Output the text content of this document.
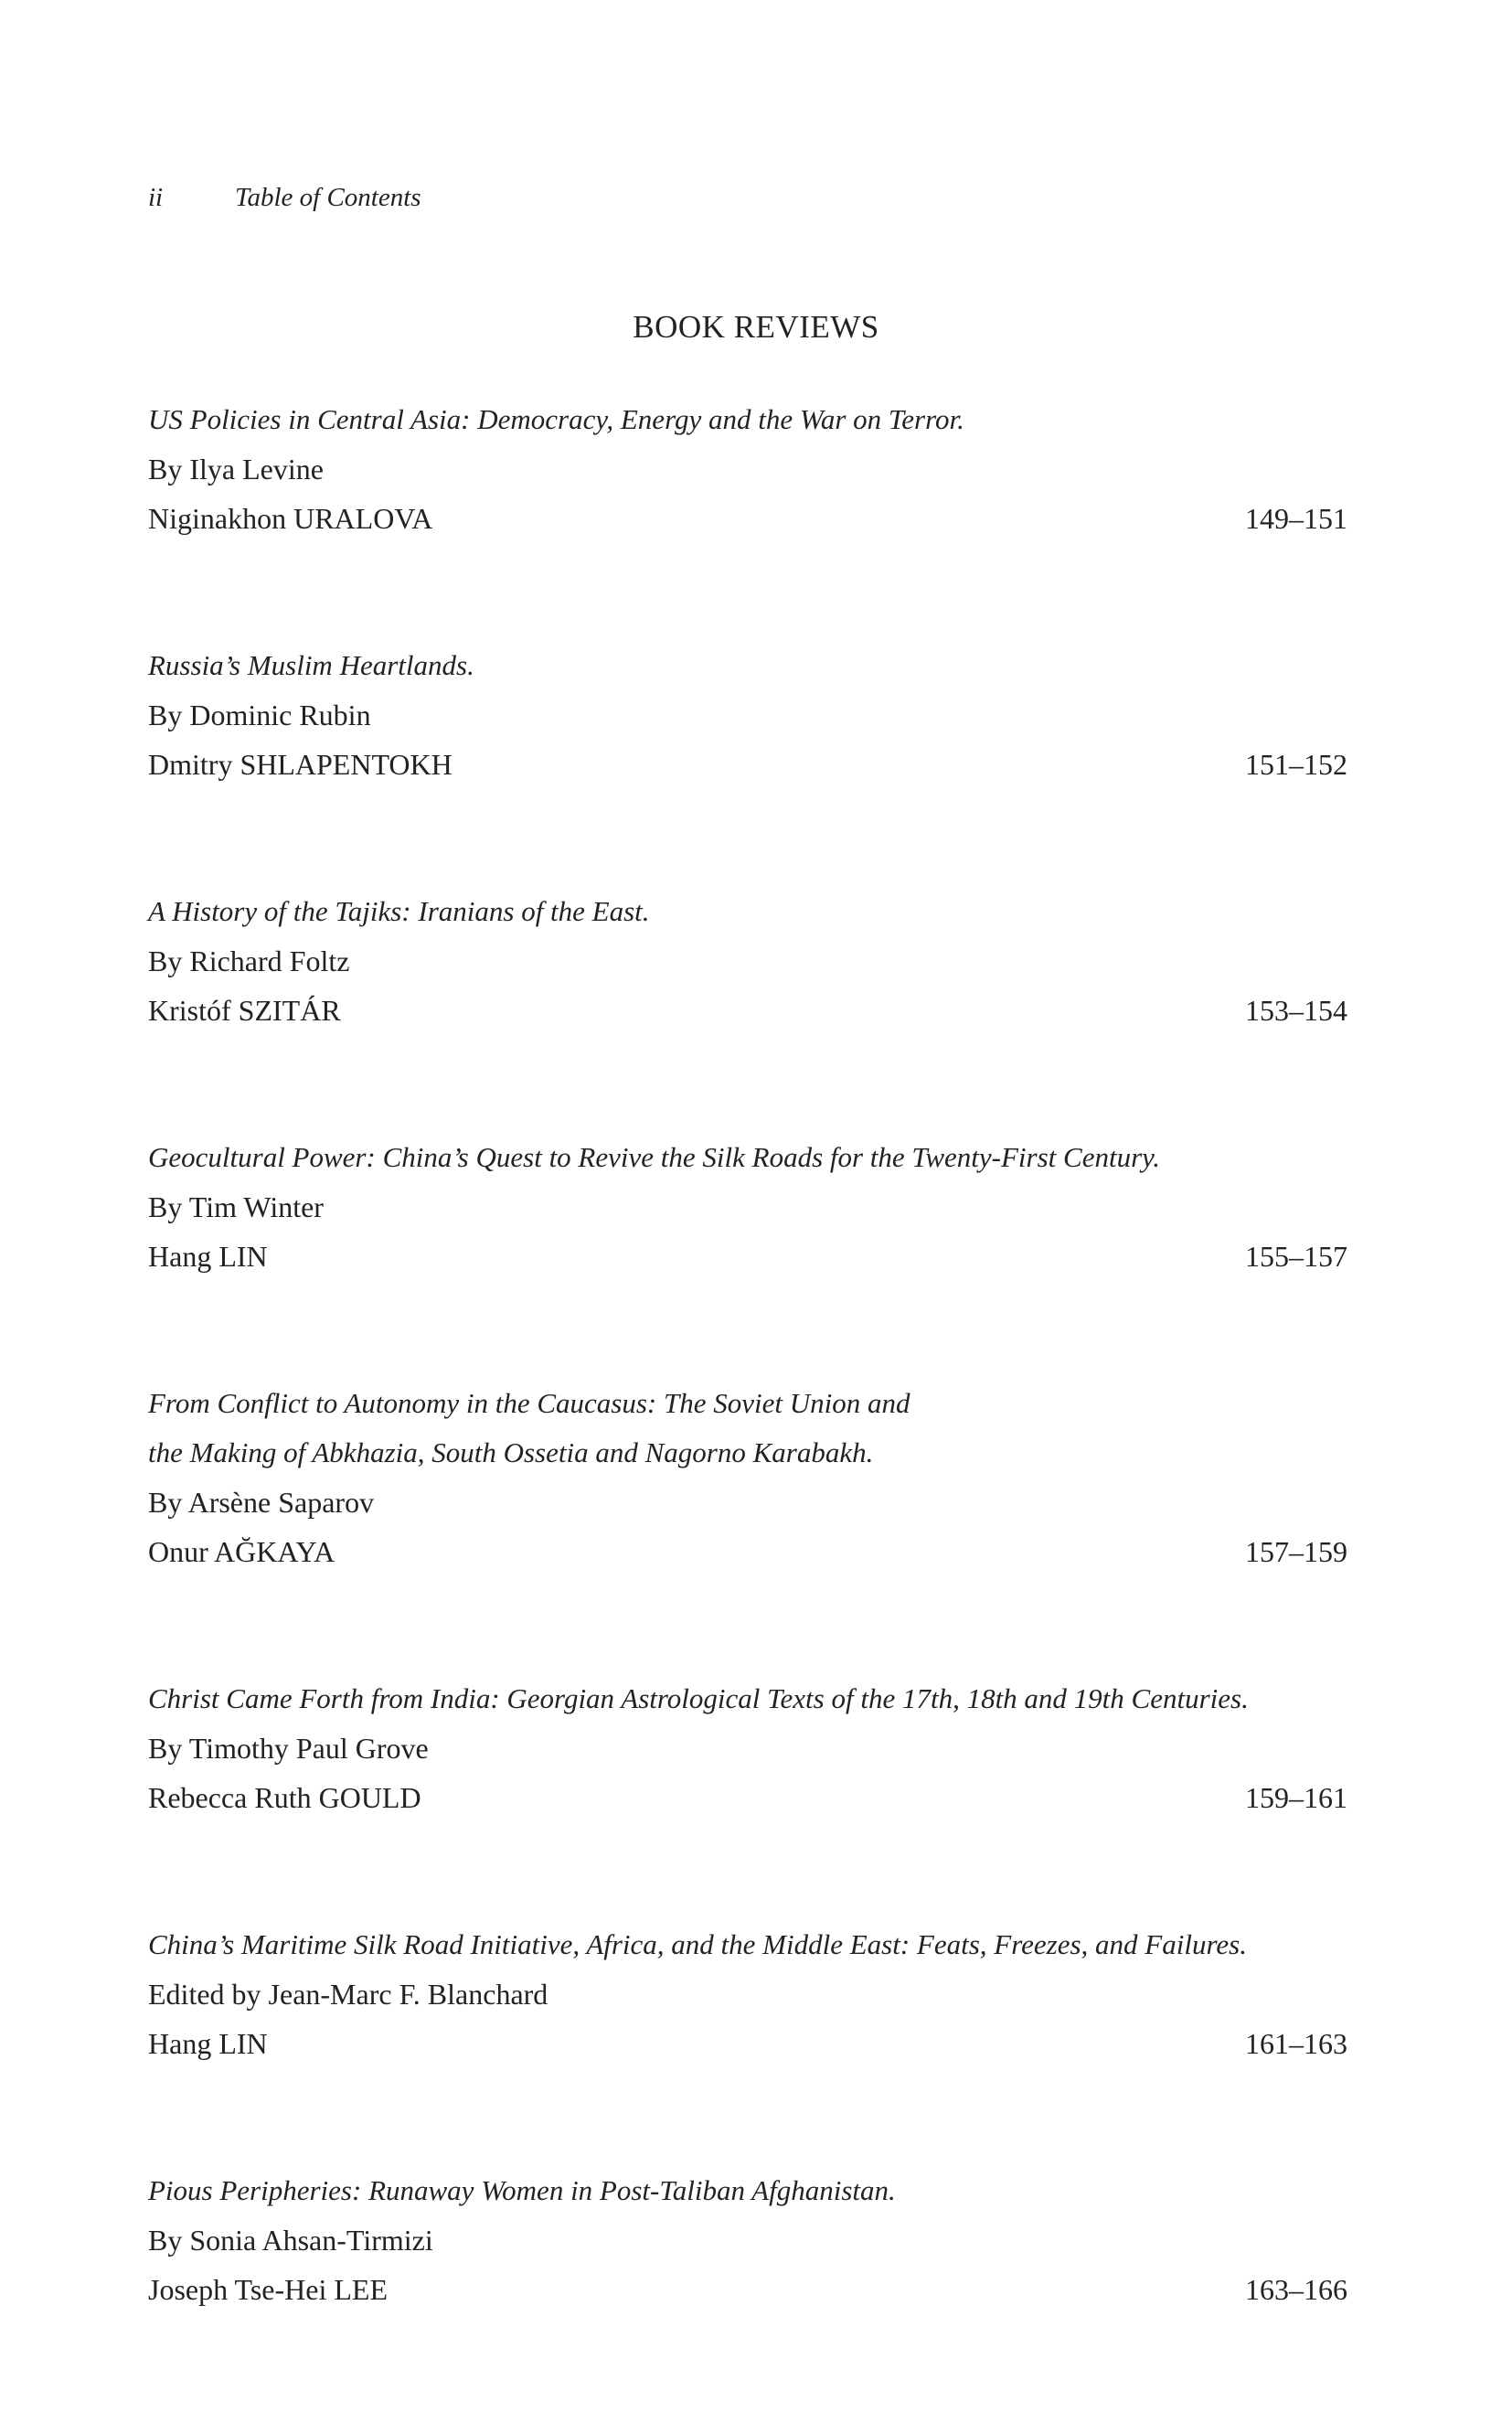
ii	Table of Contents
BOOK REVIEWS
US Policies in Central Asia: Democracy, Energy and the War on Terror.
By Ilya Levine
Niginakhon URALOVA	149–151
Russia’s Muslim Heartlands.
By Dominic Rubin
Dmitry SHLAPENTOKH	151–152
A History of the Tajiks: Iranians of the East.
By Richard Foltz
Kristóf SZITÁR	153–154
Geocultural Power: China’s Quest to Revive the Silk Roads for the Twenty-First Century.
By Tim Winter
Hang LIN	155–157
From Conflict to Autonomy in the Caucasus: The Soviet Union and
the Making of Abkhazia, South Ossetia and Nagorno Karabakh.
By Arsène Saparov
Onur AĞKAYA	157–159
Christ Came Forth from India: Georgian Astrological Texts of the 17th, 18th and 19th Centuries.
By Timothy Paul Grove
Rebecca Ruth GOULD	159–161
China’s Maritime Silk Road Initiative, Africa, and the Middle East: Feats, Freezes, and Failures.
Edited by Jean-Marc F. Blanchard
Hang LIN	161–163
Pious Peripheries: Runaway Women in Post-Taliban Afghanistan.
By Sonia Ahsan-Tirmizi
Joseph Tse-Hei LEE	163–166
